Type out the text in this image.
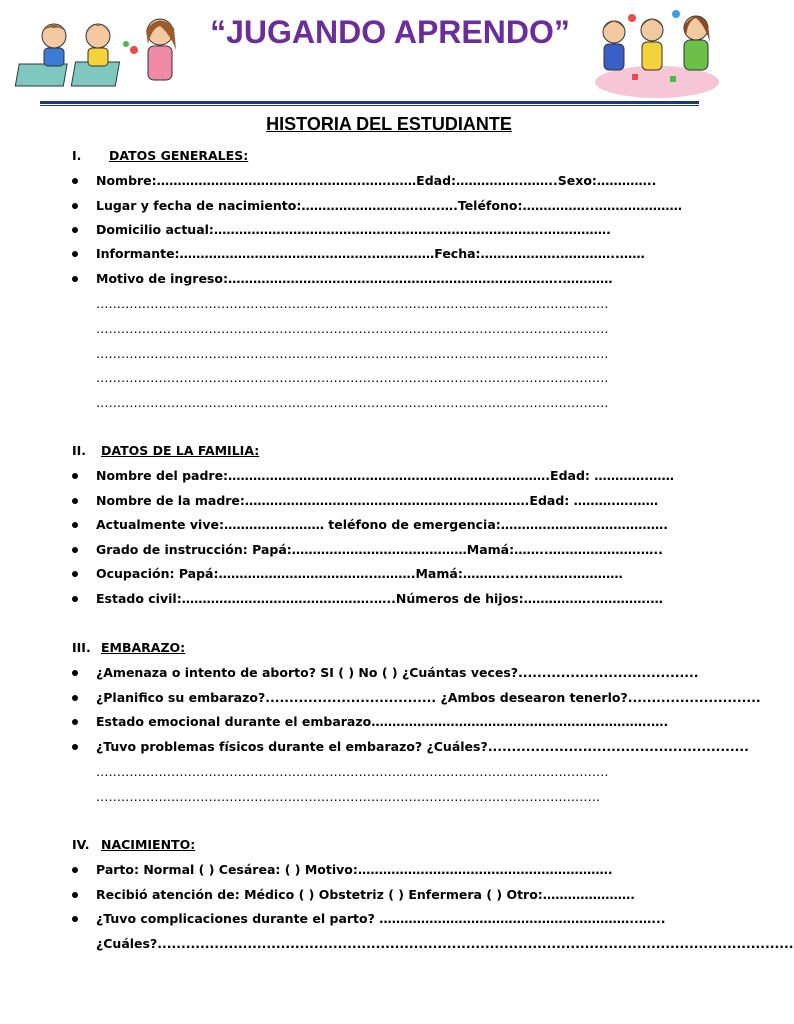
“JUGANDO APRENDO”
HISTORIA DEL ESTUDIANTE
I. DATOS GENERALES:
Nombre:………………………………………….…….……Edad:…………….……..Sexo:…………..
Lugar y fecha de nacimiento:……………………….…..….Teléfono:……………..…………………
Domicilio actual:…………………………………………………………………….…………….
Informante:……………………………………….……………Fecha:……………….…………..……
Motivo de ingreso:……………………………………………………………………..…………
……………………………………………………………………………………………………………
……………………………………………………………………………………………………………
……………………………………………………………………………………………………………
……………………………………………………………………………………………………………
……………………………………………………………………………………………………………
II. DATOS DE LA FAMILIA:
Nombre del padre:……………………………………………………….………….Edad: ………….……
Nombre de la madre:…………………………………………….…………….Edad: ……….….……
Actualmente vive:…………………… teléfono de emergencia:………………………………….
Grado de instrucción: Papá:……………………………………Mamá:……..………………….…..
Ocupación: Papá:……………………………….……….Mamá:……….........…….…………
Estado civil:……………………………………….…..Números de hijos:……………..………….…
III. EMBARAZO:
¿Amenaza o intento de aborto? SI ( ) No ( ) ¿Cuántas veces?......................................
¿Planifico su embarazo?.................................... ¿Ambos desearon tenerlo?............................
Estado emocional durante el embarazo………………………………………………………….….
¿Tuvo problemas físicos durante el embarazo? ¿Cuáles?.......................................................
……………………………………………………………………………………………………………
………………………………………………………………………………………………….………
IV. NACIMIENTO:
Parto: Normal ( ) Cesárea: ( ) Motivo:…………………………………………………….
Recibió atención de: Médico ( ) Obstetriz ( ) Enfermera ( ) Otro:………………….
¿Tuvo complicaciones durante el parto? ……………………………………………………..…...
¿Cuáles?......................................................................................................................................
